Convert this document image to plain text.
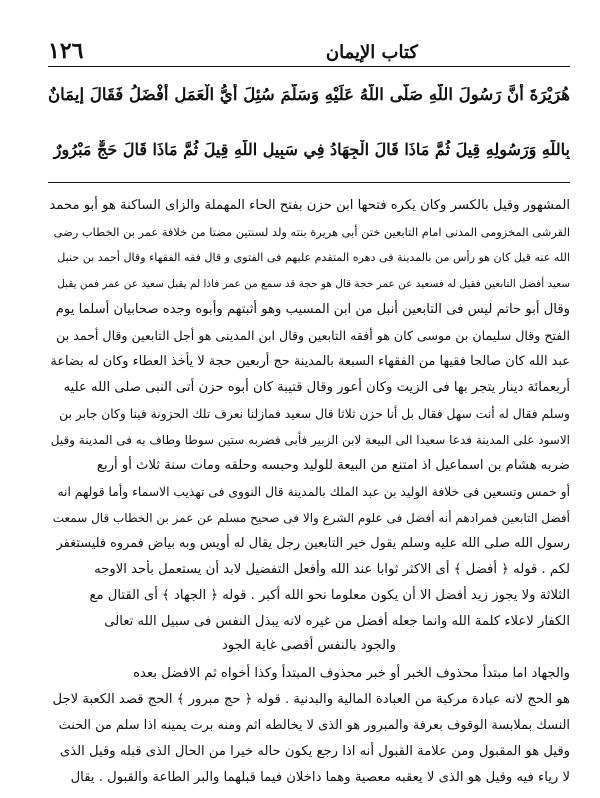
١٢٦	كتاب الإيمان
هُرَيْرَةَ أَنَّ رَسُولَ اللّهِ صَلَّى اللّهُ عَلَيْهِ وَسَلَّمَ سُئِلَ أَيُّ الْعَمَلِ أَفْضَلُ فَقَالَ إِيمَانٌ
بِاللّهِ وَرَسُولِهِ قِيلَ ثُمَّ مَاذَا قَالَ الْجِهَادُ فِي سَبِيلِ اللّهِ قِيلَ ثُمَّ مَاذَا قَالَ حَجٌّ مَبْرُورٌ
المشهور وقيل بالكسر وكان يكره فتحها ابن حزن بفتح الحاء المهملة والزاى الساكنة هو أبو محمد
القرشى المخزومى المدنى امام التابعين ختن أبى هريرة بنته ولد لسنتين مضتا من خلافة عمر بن الخطاب رضى
الله عنه قيل كان هو رأس من بالمدينة فى دهره المتقدم عليهم فى الفتوى و قال فقه الفقهاء وقال أحمد بن حنبل
سعيد أفضل التابعين فقيل له فسعيد عن عمر حجة قال هو حجة قد سمع من عمر فاذا لم يقبل سعيد عن عمر فمن يقبل
وقال أبو حاتم ليس فى التابعين أنبل من ابن المسيب وهو أثبتهم وأبوه وجده صحابيان أسلما يوم
الفتح وقال سليمان بن موسى كان هو أفقه التابعين وقال ابن المدينى هو أجل التابعين وقال أحمد بن
عبد الله كان صالحا فقيها من الفقهاء السبعة بالمدينة حج أربعين حجة لا يأخذ العطاء وكان له بضاعة
أربعمائة دينار يتجر بها فى الزيت وكان أعور وقال قتيبة كان أبوه حزن أتى النبى صلى الله عليه
وسلم فقال له أنت سهل فقال بل أنا حزن ثلاثا قال سعيد فمازلنا نعرف تلك الحزونة فينا وكان جابر بن
الاسود على المدينة فدعا سعيدا الى البيعة لابن الزبير فأبى فضربه ستين سوطا وطاف به فى المدينة وقيل
ضربه هشام بن اسماعيل اذ امتنع من البيعة للوليد وحبسه وحلقه ومات سنة ثلاث أو أربع
أو خمس وتسعين فى خلافة الوليد بن عبد الملك بالمدينة قال النووى فى تهذيب الاسماء وأما قولهم انه
أفضل التابعين فمرادهم أنه أفضل فى علوم الشرع والا فى صحيح مسلم عن عمر بن الخطاب قال سمعت
رسول الله صلى الله عليه وسلم يقول خير التابعين رجل يقال له أويس وبه بياض فمروه فليستغفر
لكم . قوله ﴿ أفضل ﴾ أى الاكثر ثوابا عند الله وأفعل التفضيل لابد أن يستعمل بأحد الاوجه
الثلاثة ولا يجوز زيد أفضل الا أن يكون معلوما نحو الله أكبر . قوله ﴿ الجهاد ﴾ أى القتال مع
الكفار لاعلاء كلمة الله وانما جعله أفضل من غيره لانه يبذل النفس فى سبيل الله تعالى
والجود بالنفس أقصى غاية الجود
والجهاد اما مبتدأ محذوف الخبر أو خبر محذوف المبتدأ وكذا أخواه ثم الافضل بعده
هو الحج لانه عبادة مركبة من العبادة المالية والبدنية . قوله ﴿ حج مبرور ﴾ الحج قصد الكعبة لاجل
النسك بملابسة الوقوف بعرفة والمبرور هو الذى لا يخالطه اثم ومنه برت يمينه اذا سلم من الحنث
وقيل هو المقبول ومن علامة القبول أنه اذا رجع يكون حاله خيرا من الحال الذى قبله وقيل الذى
لا رياء فيه وقيل هو الذى لا يعقبه معصية وهما داخلان فيما قبلهما والبر الطاعة والقبول . يقال
